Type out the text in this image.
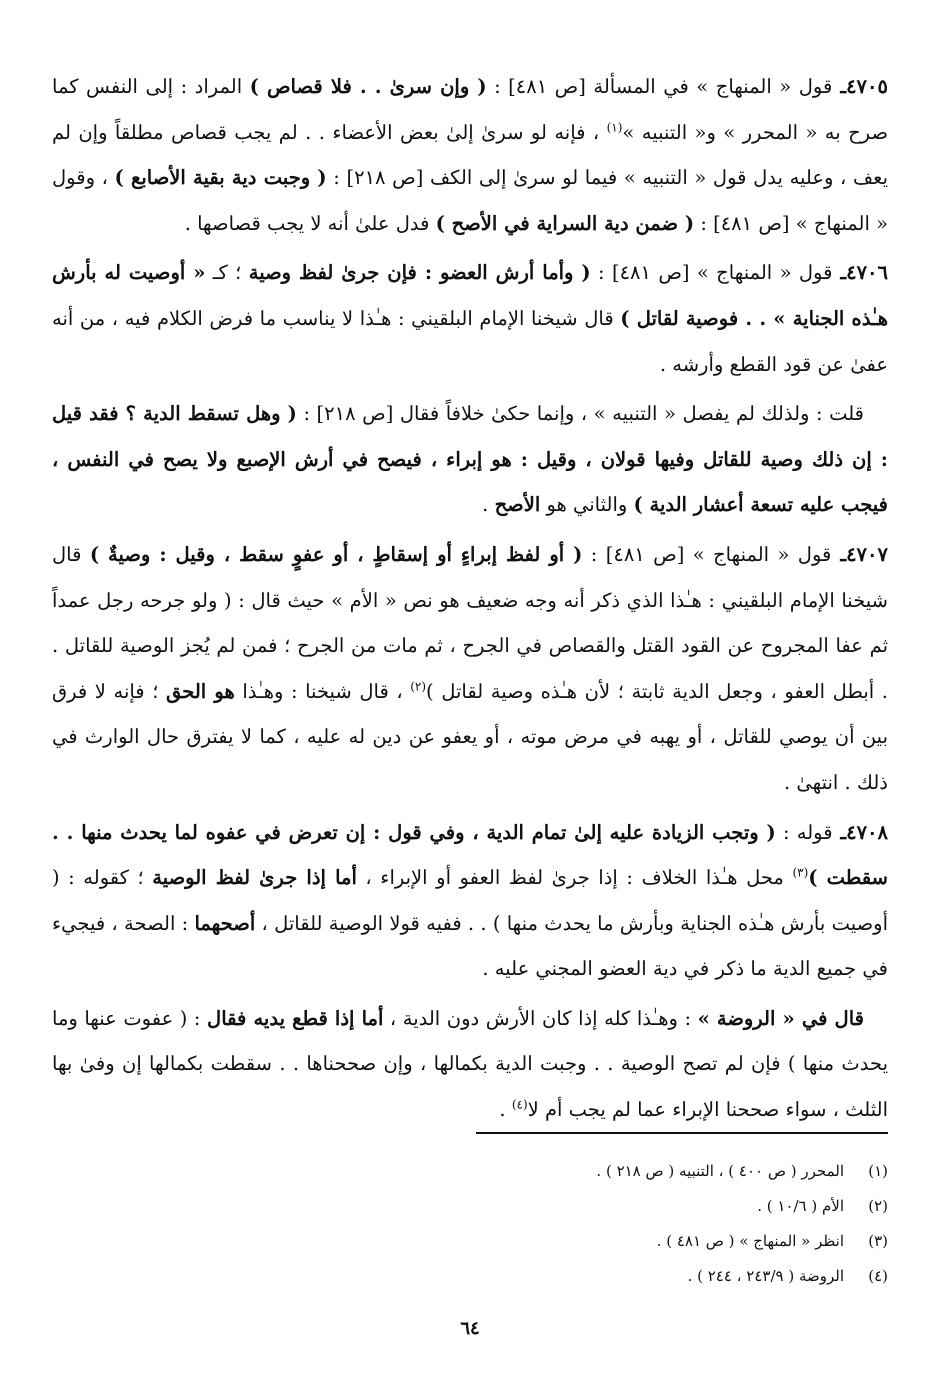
٤٧٠٥ـ قول « المنهاج » في المسألة [ص ٤٨١] : ( وإن سرىٰ . . فلا قصاص ) المراد : إلى النفس كما صرح به « المحرر » و« التنبيه »$^{(١)}$ ، فإنه لو سرىٰ إلىٰ بعض الأعضاء . . لم يجب قصاص مطلقاً وإن لم يعف ، وعليه يدل قول « التنبيه » فيما لو سرىٰ إلى الكف [ص ٢١٨] : ( وجبت دية بقية الأصابع ) ، وقول « المنهاج » [ص ٤٨١] : ( ضمن دية السراية في الأصح ) فدل علىٰ أنه لا يجب قصاصها .

٤٧٠٦ـ قول « المنهاج » [ص ٤٨١] : ( وأما أرش العضو : فإن جرىٰ لفظ وصية ؛ كـ « أوصيت له بأرش هـٰذه الجناية » . . فوصية لقاتل ) قال شيخنا الإمام البلقيني : هـٰذا لا يناسب ما فرض الكلام فيه ، من أنه عفىٰ عن قود القطع وأرشه .

قلت : ولذلك لم يفصل « التنبيه » ، وإنما حكىٰ خلافاً فقال [ص ٢١٨] : ( وهل تسقط الدية ؟ فقد قيل : إن ذلك وصية للقاتل وفيها قولان ، وقيل : هو إبراء ، فيصح في أرش الإصبع ولا يصح في النفس ، فيجب عليه تسعة أعشار الدية ) والثاني هو الأصح .

٤٧٠٧ـ قول « المنهاج » [ص ٤٨١] : ( أو لفظ إبراءٍ أو إسقاطٍ ، أو عفوٍ سقط ، وقيل : وصيةٌ ) قال شيخنا الإمام البلقيني : هـٰذا الذي ذكر أنه وجه ضعيف هو نص « الأم » حيث قال : ( ولو جرحه رجل عمداً ثم عفا المجروح عن القود القتل والقصاص في الجرح ، ثم مات من الجرح ؛ فمن لم يُجز الوصية للقاتل . . أبطل العفو ، وجعل الدية ثابتة ؛ لأن هـٰذه وصية لقاتل )$^{(٢)}$ ، قال شيخنا : وهـٰذا هو الحق ؛ فإنه لا فرق بين أن يوصي للقاتل ، أو يهبه في مرض موته ، أو يعفو عن دين له عليه ، كما لا يفترق حال الوارث في ذلك . انتهىٰ .

٤٧٠٨ـ قوله : ( وتجب الزيادة عليه إلىٰ تمام الدية ، وفي قول : إن تعرض في عفوه لما يحدث منها . . سقطت )$^{(٣)}$ محل هـٰذا الخلاف : إذا جرىٰ لفظ العفو أو الإبراء ، أما إذا جرىٰ لفظ الوصية ؛ كقوله : ( أوصيت بأرش هـٰذه الجناية وبأرش ما يحدث منها ) . . ففيه قولا الوصية للقاتل ، أصحهما : الصحة ، فيجيء في جميع الدية ما ذكر في دية العضو المجني عليه .

قال في « الروضة » : وهـٰذا كله إذا كان الأرش دون الدية ، أما إذا قطع يديه فقال : ( عفوت عنها وما يحدث منها ) فإن لم تصح الوصية . . وجبت الدية بكمالها ، وإن صححناها . . سقطت بكمالها إن وفىٰ بها الثلث ، سواء صححنا الإبراء عما لم يجب أم لا$^{(٤)}$ .

(١)المحرر ( ص ٤٠٠ ) ، التنبيه ( ص ٢١٨ ) .
(٢)الأم ( ١٠/٦ ) .
(٣)انظر « المنهاج » ( ص ٤٨١ ) .
(٤)الروضة ( ٢٤٣/٩ ، ٢٤٤ ) .
٦٤
